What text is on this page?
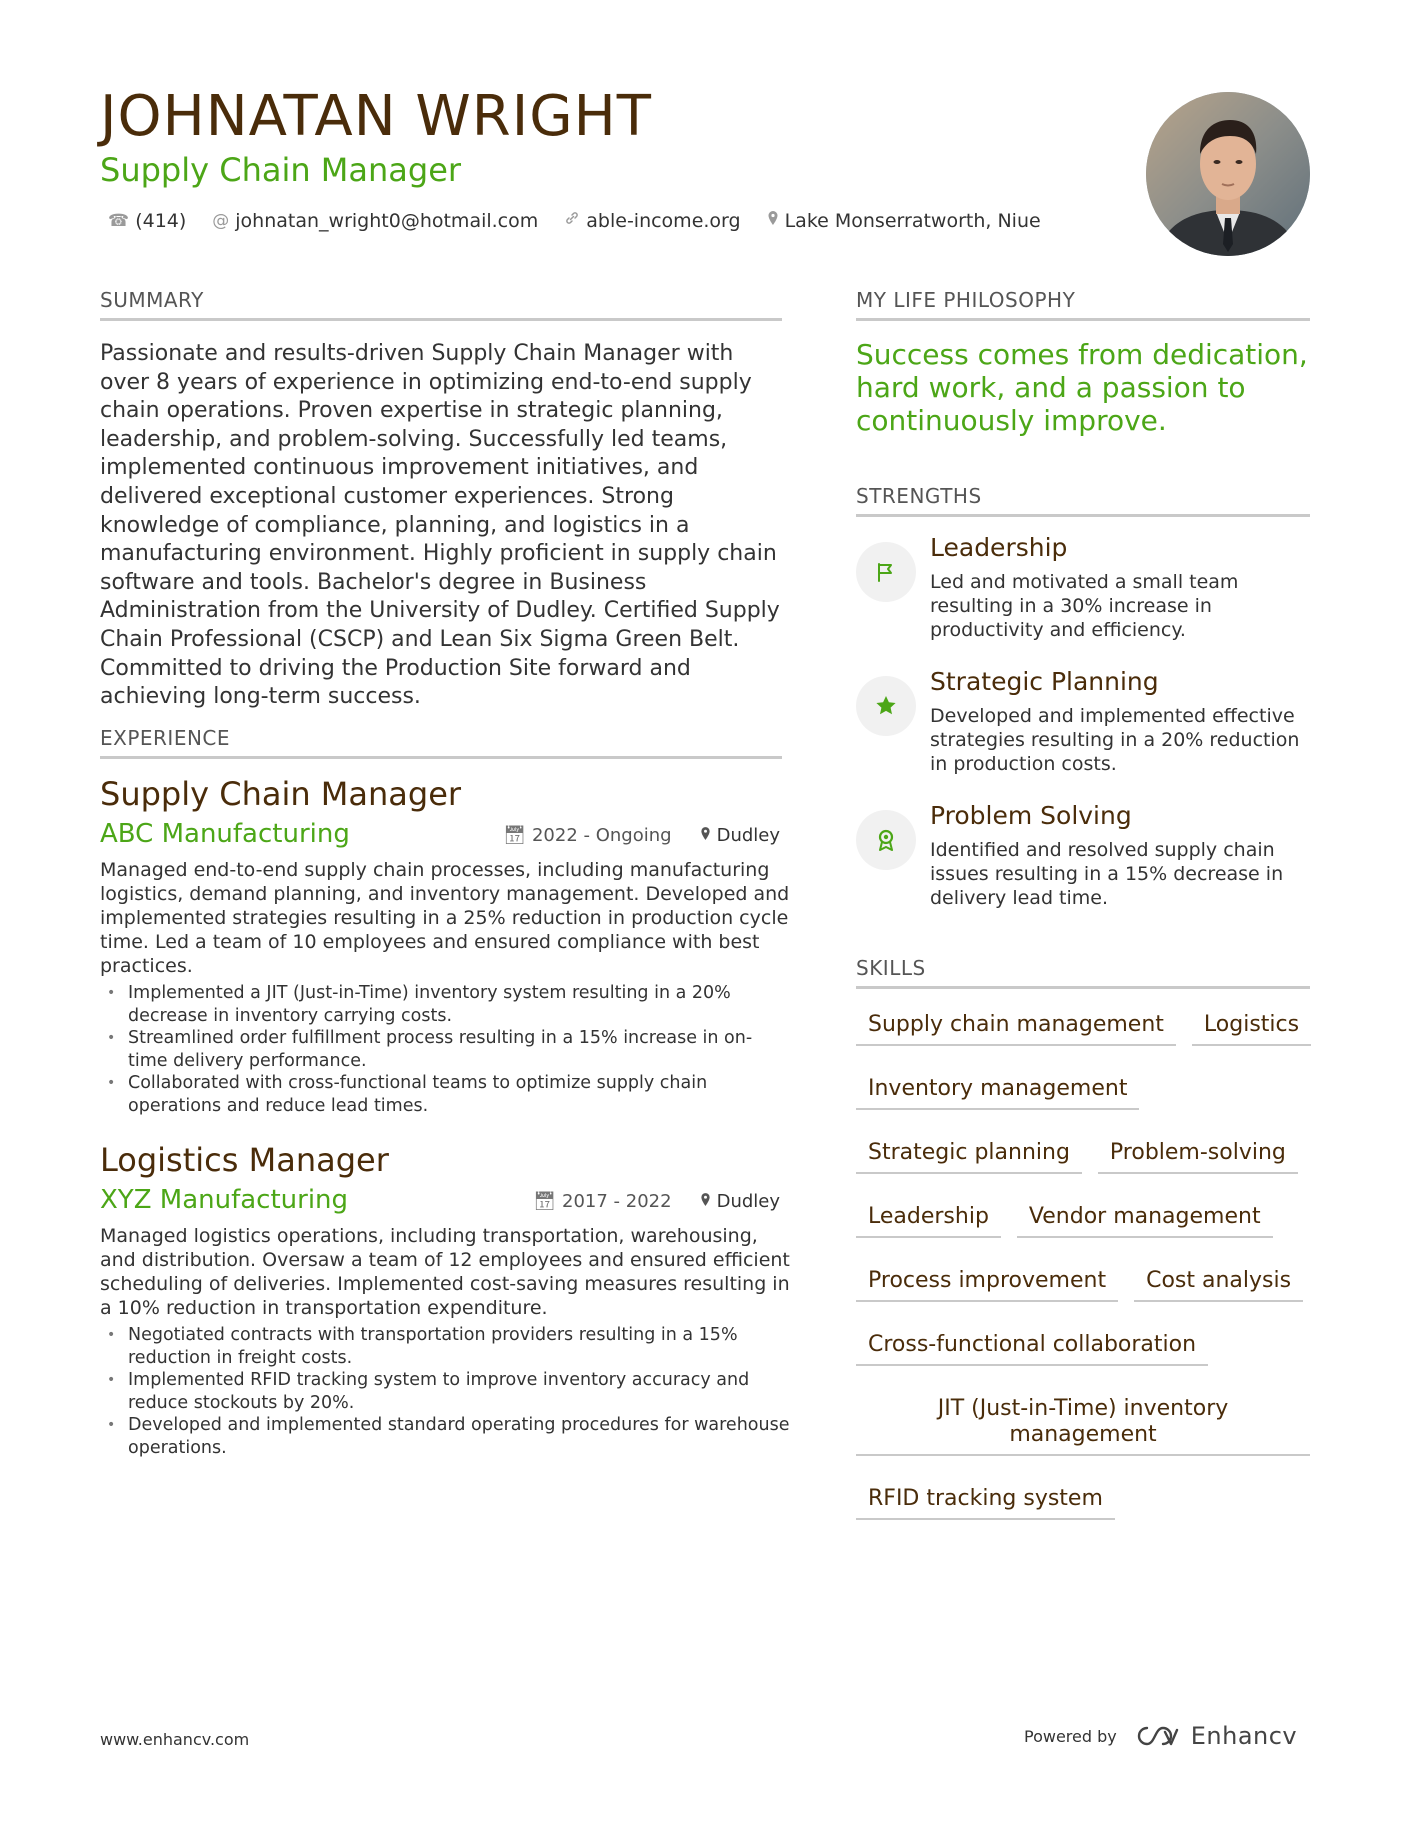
JOHNATAN WRIGHT
Supply Chain Manager
☎ (414) @ johnatan_wright0@hotmail.com	able-income.org Lake Monserratworth, Niue
SUMMARY
Passionate and results-driven Supply Chain Manager with over 8 years of experience in optimizing end-to-end supply chain operations. Proven expertise in strategic planning, leadership, and problem-solving. Successfully led teams, implemented continuous improvement initiatives, and delivered exceptional customer experiences. Strong knowledge of compliance, planning, and logistics in a manufacturing environment. Highly proficient in supply chain software and tools. Bachelor's degree in Business Administration from the University of Dudley. Certified Supply Chain Professional (CSCP) and Lean Six Sigma Green Belt. Committed to driving the Production Site forward and achieving long-term success.
EXPERIENCE
Supply Chain Manager
ABC Manufacturing	📅︎ 2022 - Ongoing	Dudley
Managed end-to-end supply chain processes, including manufacturing logistics, demand planning, and inventory management. Developed and implemented strategies resulting in a 25% reduction in production cycle time. Led a team of 10 employees and ensured compliance with best practices.
• Implemented a JIT (Just-in-Time) inventory system resulting in a 20% decrease in inventory carrying costs.
• Streamlined order fulfillment process resulting in a 15% increase in on-time delivery performance.
• Collaborated with cross-functional teams to optimize supply chain operations and reduce lead times.
Logistics Manager
XYZ Manufacturing	📅︎ 2017 - 2022	Dudley
Managed logistics operations, including transportation, warehousing, and distribution. Oversaw a team of 12 employees and ensured efficient scheduling of deliveries. Implemented cost-saving measures resulting in a 10% reduction in transportation expenditure.
• Negotiated contracts with transportation providers resulting in a 15% reduction in freight costs.
• Implemented RFID tracking system to improve inventory accuracy and reduce stockouts by 20%.
• Developed and implemented standard operating procedures for warehouse operations.
MY LIFE PHILOSOPHY
Success comes from dedication, hard work, and a passion to continuously improve.
STRENGTHS
Leadership
Led and motivated a small team resulting in a 30% increase in productivity and efficiency.
Strategic Planning
Developed and implemented effective strategies resulting in a 20% reduction in production costs.
Problem Solving
Identified and resolved supply chain issues resulting in a 15% decrease in delivery lead time.
SKILLS
Supply chain management	Logistics
Inventory management
Strategic planning	Problem-solving
Leadership	Vendor management
Process improvement	Cost analysis
Cross-functional collaboration
JIT (Just-in-Time) inventory management
RFID tracking system
www.enhancv.com	Powered by	Enhancv
